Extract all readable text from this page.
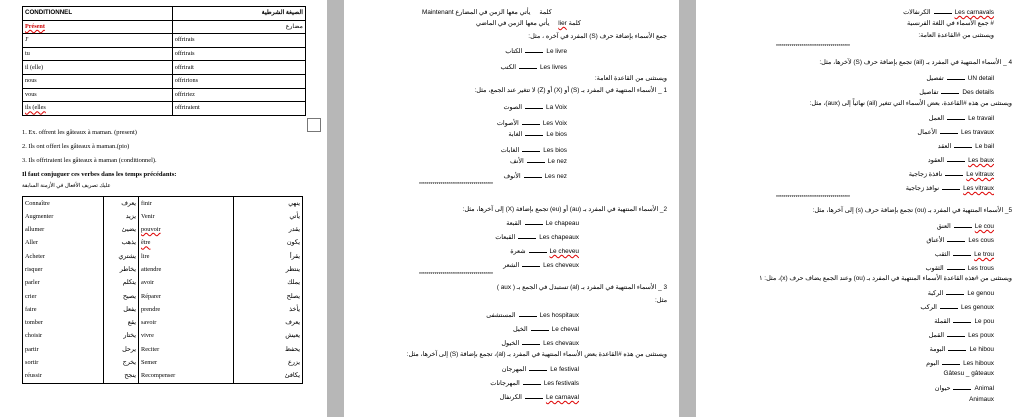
CONDITIONNEL	الصيغة الشرطية
Présent	مضارع
J'	offrirais
tu	offrirais
il (elle)	offrirait
nous	offririons
vous	offririez
ils (elles	offriraient
1. Ex. offrent les gâteaux à maman. (present)
2. Ils ont offert les gâteaux à maman.(pio)
3. Ils offriraient les gâteaux à maman (conditionnel).
Il faut conjuguer ces verbes dans les temps précédants:
عليك تصريف الأفعال في الأزمنة السابقة
Connaître	يعرف	finir	ينهي
Augmenter	يزيد	Venir	يأتي
allumer	يضيئ	pouvoir	يقدر
Aller	يذهب	être	يكون
Acheter	يشتري	lire	يقرأ
risquer	يخاطر	attendre	ينتظر
parler	يتكلم	avoir	يملك
crier	يصيح	Réparer	يصلح
faire	يفعل	prendre	يأخذ
tomber	يقع	savoir	يعرف
choisir	يختار	vivre	يعيش
partir	يرحل	Reciter	يحفظ
sortir	يخرج	Semer	يزرع
réussir	ينجح	Recompenser	يكافئ
Maintenant	كلمة     يأتي معها الزمن في المضارع
يأتي معها الزمن في الماضي lier كلمة
جمع الأسماء بإضافة حرف (S) المفرد في آخره ، مثل:
الكتاب	Le livre
الكتب	Les livres
ويستثنى من القاعدة العامة:
1 _ الأسماء المنتهية في المفرد بـ (S) أو (X) أو (Z) لا تتغير عند الجمع، مثل:
الصوت	La Voix
الأصوات	Les Voix
الغابة	Le bios
الغابات	Les bios
الأنف	Le nez
الأنوف	Les nez
**************************************
2_ الأسماء المنتهية في المفرد بـ (au) أو (eu) تجمع بإضافة (X) إلى آخرها، مثل:
القبعة	Le chapeau
القبعات	Les chapeaux
شعرة	Le cheveu
الشعر	Les cheveux
**************************************
3 _ الأسماء المنتهية في المفرد بـ (al) تستبدل في الجمع بـ ( aux )
مثل:
المستشفى	Les hospitaux
الخيل	Le cheval
الخيول	Les chevaux
ويستثنى من هذه #القاعدة بعض الأسماء المنتهية في المفرد بـ (al)، تجمع بإضافة (S) إلى آخرها، مثل:
المهرجان	Le festival
المهرجانات	Les festivals
الكرنفال	Le carnaval
الكرنفالات	Les carnavals
# جمع الأسماء في اللغة الفرنسية
ويستثنى من #القاعدة العامة:
**************************************
4 _ الأسماء المنتهية في المفرد بـ (ail) تجمع بإضافة حرف (S) لآخرها، مثل:
تفصيل	UN detail
تفاصيل	Des details
ويستثنى من هذه #القاعدة، بعض الأسماء التي تتغير (ail) نهائياً إلى (aux)، مثل:
العمل	Le travail
الأعمال	Les travaux
العقد	Le bail
العقود	Les baux
نافذة زجاجية	Le vitraux
نوافذ زجاجية	Les vitraux
**************************************
5_ الأسماء المنتهية في المفرد بـ (ou) تجمع بإضافة حرف (s) إلى آخرها، مثل:
العنق	Le cou
الأعناق	Les cous
الثقب	Le trou
الثقوب	Les trous
ويستثنى من #هذه القاعدة الأسماء المنتهية في المفرد بـ (ou) وعند الجمع يضاف حرف (x)، مثل: ١
الركبة	Le genou
الركب	Les genoux
القملة	Le pou
القمل	Les poux
البومة	Le hibou
البوم	Les hiboux
Gâtesu _ gâteaux
حيوان	Animal
Animaux
